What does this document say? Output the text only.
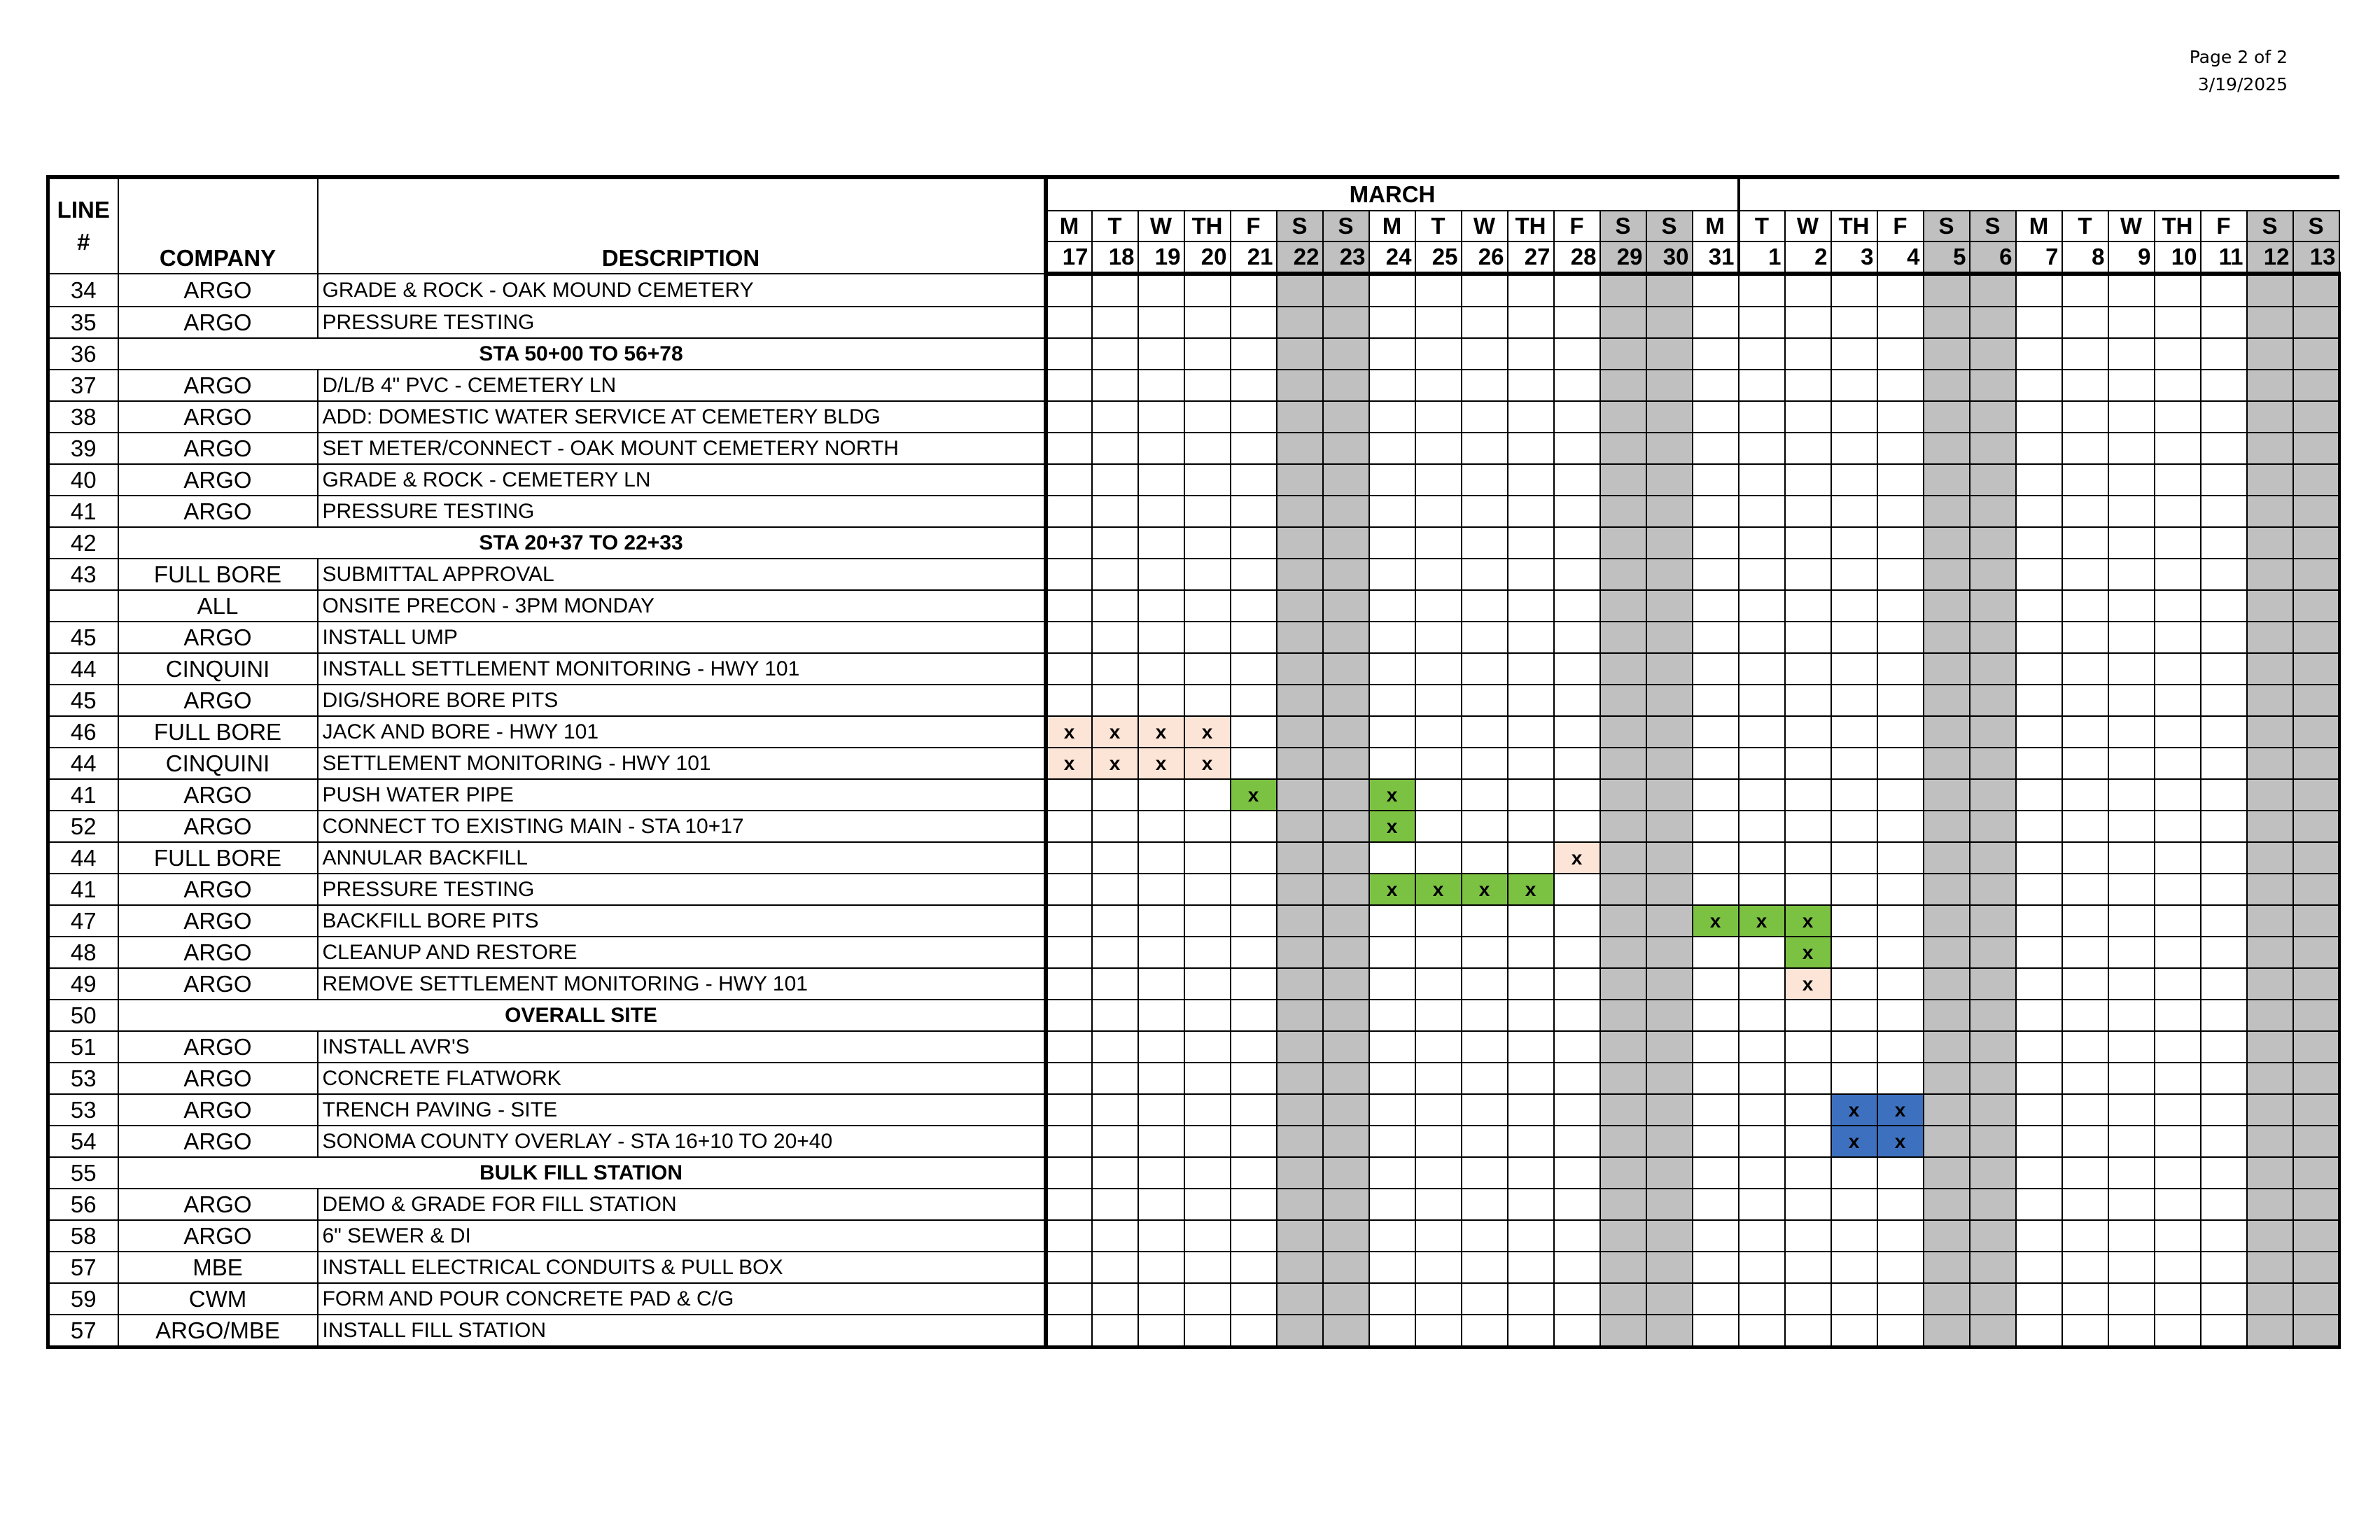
Page 2 of 2
3/19/2025
LINE
#	COMPANY	DESCRIPTION	MARCH																											
			M	T	W	TH	F	S	S	M	T	W	TH	F	S	S	M	T	W	TH	F	S	S	M	T	W	TH	F	S	S
			17	18	19	20	21	22	23	24	25	26	27	28	29	30	31	1	2	3	4	5	6	7	8	9	10	11	12	13
34	ARGO	GRADE & ROCK - OAK MOUND CEMETERY																												
35	ARGO	PRESSURE TESTING																												
36	STA 50+00 TO 56+78																													
37	ARGO	D/L/B 4" PVC - CEMETERY LN																												
38	ARGO	ADD: DOMESTIC WATER SERVICE AT CEMETERY BLDG																												
39	ARGO	SET METER/CONNECT - OAK MOUNT CEMETERY NORTH																												
40	ARGO	GRADE & ROCK - CEMETERY LN																												
41	ARGO	PRESSURE TESTING																												
42	STA 20+37 TO 22+33																													
43	FULL BORE	SUBMITTAL APPROVAL																												
	ALL	ONSITE PRECON - 3PM MONDAY																												
45	ARGO	INSTALL UMP																												
44	CINQUINI	INSTALL SETTLEMENT MONITORING - HWY 101																												
45	ARGO	DIG/SHORE BORE PITS																												
46	FULL BORE	JACK AND BORE - HWY 101	x	x	x	x																								
44	CINQUINI	SETTLEMENT MONITORING - HWY 101	x	x	x	x																								
41	ARGO	PUSH WATER PIPE					x			x																				
52	ARGO	CONNECT TO EXISTING MAIN - STA 10+17								x																				
44	FULL BORE	ANNULAR BACKFILL												x																
41	ARGO	PRESSURE TESTING								x	x	x	x																	
47	ARGO	BACKFILL BORE PITS															x	x	x											
48	ARGO	CLEANUP AND RESTORE																	x											
49	ARGO	REMOVE SETTLEMENT MONITORING - HWY 101																	x											
50	OVERALL SITE																													
51	ARGO	INSTALL AVR'S																												
53	ARGO	CONCRETE FLATWORK																												
53	ARGO	TRENCH PAVING - SITE																		x	x									
54	ARGO	SONOMA COUNTY OVERLAY - STA 16+10 TO 20+40																		x	x									
55	BULK FILL STATION																													
56	ARGO	DEMO & GRADE FOR FILL STATION																												
58	ARGO	6" SEWER & DI																												
57	MBE	INSTALL ELECTRICAL CONDUITS & PULL BOX																												
59	CWM	FORM AND POUR CONCRETE PAD & C/G																												
57	ARGO/MBE	INSTALL FILL STATION																												
